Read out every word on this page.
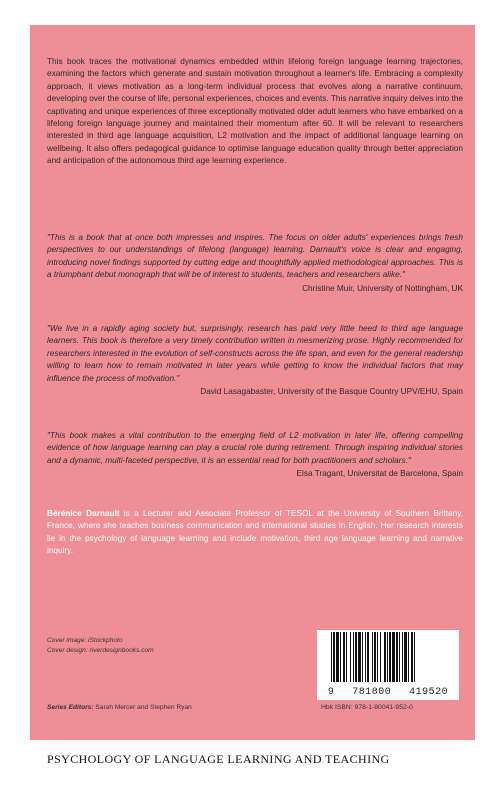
This book traces the motivational dynamics embedded within lifelong foreign language learning trajectories, examining the factors which generate and sustain motivation throughout a learner's life. Embracing a complexity approach, it views motivation as a long-term individual process that evolves along a narrative continuum, developing over the course of life, personal experiences, choices and events. This narrative inquiry delves into the captivating and unique experiences of three exceptionally motivated older adult learners who have embarked on a lifelong foreign language journey and maintained their momentum after 60. It will be relevant to researchers interested in third age language acquisition, L2 motivation and the impact of additional language learning on wellbeing. It also offers pedagogical guidance to optimise language education quality through better appreciation and anticipation of the autonomous third age learning experience.
"This is a book that at once both impresses and inspires. The focus on older adults' experiences brings fresh perspectives to our understandings of lifelong (language) learning. Darnault's voice is clear and engaging, introducing novel findings supported by cutting edge and thoughtfully applied methodological approaches. This is a triumphant debut monograph that will be of interest to students, teachers and researchers alike."
Christine Muir, University of Nottingham, UK
"We live in a rapidly aging society but, surprisingly, research has paid very little heed to third age language learners. This book is therefore a very timely contribution written in mesmerizing prose. Highly recommended for researchers interested in the evolution of self-constructs across the life span, and even for the general readership willing to learn how to remain motivated in later years while getting to know the individual factors that may influence the process of motivation."
David Lasagabaster, University of the Basque Country UPV/EHU, Spain
"This book makes a vital contribution to the emerging field of L2 motivation in later life, offering compelling evidence of how language learning can play a crucial role during retirement. Through inspiring individual stories and a dynamic, multi-faceted perspective, it is an essential read for both practitioners and scholars."
Elsa Tragant, Universitat de Barcelona, Spain
Bérénice Darnault is a Lecturer and Associate Professor of TESOL at the University of Southern Brittany, France, where she teaches business communication and international studies in English. Her research interests lie in the psychology of language learning and include motivation, third age language learning and narrative inquiry.
Cover image: iStockphoto
Cover design: riverdesignbooks.com
Series Editors: Sarah Mercer and Stephen Ryan
9 781800 419520
Hbk ISBN: 978-1-80041-952-0
PSYCHOLOGY OF LANGUAGE LEARNING AND TEACHING
